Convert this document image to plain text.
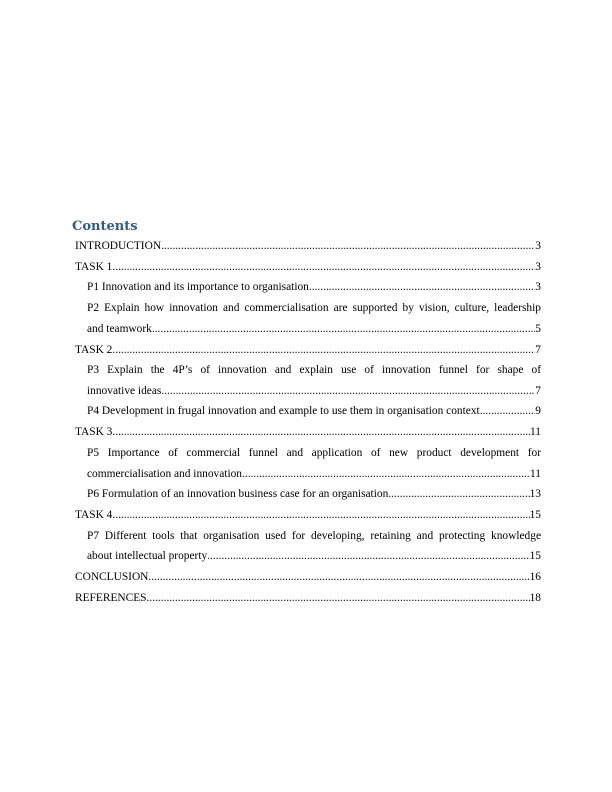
Contents
INTRODUCTION .....	3
TASK 1 .....	3
P1 Innovation and its importance to organisation .....	3
P2 Explain how innovation and commercialisation are supported by vision, culture, leadership
and teamwork .....	5
TASK 2 .....	7
P3 Explain the 4P’s of innovation and explain use of innovation funnel for shape of
innovative ideas .....	7
P4 Development in frugal innovation and example to use them in organisation context .....	9
TASK 3 .....	11
P5 Importance of commercial funnel and application of new product development for
commercialisation and innovation .....	11
P6 Formulation of an innovation business case for an organisation .....	13
TASK 4 .....	15
P7 Different tools that organisation used for developing, retaining and protecting knowledge
about intellectual property .....	15
CONCLUSION .....	16
REFERENCES .....	18
